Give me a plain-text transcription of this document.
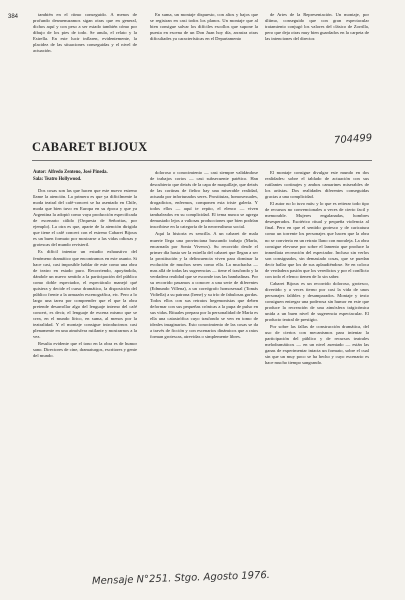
384	también en el ritmo conseguido. A menos de profundo desmenuzamos sigan otras que en general, dichos aquí y con peso a ser estado también cómo por dibujo de los pies de todo. Se anula, el relato y la Estrella. En este lucir inflaren, evidentemente, la placidez de las situaciones conseguidas y el nivel de actuación.

En suma, un montaje dispuesto, con altos y bajos que se registran en casi todos los planos. Un montaje que al bien consigue salvar los difíciles escollos que supone la puesta en escena de un Don Juan hoy día, arrastra otras dificultades ya características en el Departamento

de Artes de la Representación. Un montaje, por último, conseguido que con gran espectacular tratamiento conjugó los valores del clásico de Zorrilla, pero que deja otras muy bien guardados en la carpeta de las intenciones del director.

CABARET BIJOUX
704499
Autor: Alfredo Zenteno, José Pineda.
Sala: Teatro Hollywood.

Dos cosas son las que hacen que este nuevo estreno llame la atención. La primera es que ya difícilmente la moda teatral del café-concert se ha asentado en Chile, moda que bien tuvo en Europa en su época y que ya Argentina la adoptó como vaya producción especificada de escenario cálido (Orquesta de Señoritas, por ejemplo). La otra es que, aparte de la atención dirigida que tiene el café concert con el estreno Cabaret Bijoux es un buen formato por mostrarse a las vidas odiosas y grotescas del mundo revisteril.

Es difícil intentar un estudio exhaustivo del fenómeno dramático que encontramos en este asunto. Si hace casi, casi imposible hablar de este como una obra de teatro en estado puro. Recorriendo, apoyándola, dándole un nuevo sentido a la participación del público como doble espectador, el espectáculo manejó qué quisiera y decide el curso dramático, la disposición del público frente a la armazón escenográfica, etc. Pero a lo largo una tarea por comprender que el que la obra pretende desarrollar algo del lenguaje interno del café concert, es decir, el lenguaje de escena mismo que se crea, en el mundo lírico, en suma, al menos por la teatralidad. Y el montaje consigue introducirnos casi plenamente en una atmósfera rutilante y mostrarnos a la vez.

Resulta evidente que el tono en la obra es de humor sano. Directores de cine, dramaturgos, escritores y gente del mundo.

doloroso o conocimiento — casi siempre validándose de trabajos cortos — casi subsecuente patético. Han descubierto que detrás de la capa de maquillaje, que detrás de las cortinas de fieltro hay una miserable realidad, actuada por infortunados seres. Prostitutas, homosexuales, drogadictos, enfermos, componen esta triste galería. Y todos ellos — aquí te repito, el elenco — viven tambaleados en su complicidad. El tema nunca se agrega demasiado lejos a valiosas producciones que bien podrían inscribirse en la categoría de la neorrealismo social.

Aquí la historia es sencilla. A un cabaret de mala muerte llega una provinciana buscando trabajo (María, encarnada por Sonia Viveros). Su recorrido desde el primer día hasta ser la estrella del cabaret que llegan a ser la prostitución y la delincuencia viven para dominar la evolución de muchos seres como ella. La muchacha — mas allá de todas las sugerencias — tiene el trasfondo y la verdadera realidad que se esconde tras las bambalinas. Por su recorrido pasamos a conocer a una serie de diferentes (Edmundo Villena), a un coreógrafo homosexual (Tomás Vidiella) a su patrona (Irene) y su trío de fabulosas gordas. Todos ellos con sus retratos hegemonistas que deben deformar con sus pequeñas crónicas a la pupa de pulso en sus vidas. Rituales prepara por la personalidad de María es ella una catastrófica cuyo trasfondo se ven en tomo de ideales imaginarios. Esto conocimiento de las cosas se da a través de ficción y con escenarios dinámicos que a ratos forman grotescas, atrevidas o simplemente libres.

El montaje consigue divulgar este mundo en dos realidades: sobre el tablado de actuación con sus rutilantes cortinajes y ambos camarines miserables de los artistas. Dos realidades diferentes conseguidas gracias a una complicidad.

El autor no lo tuvo más: y lo que es reiterar todo tipo de recursos no convencionales a veces de cierto facil y memorable. Mujeres engalanadas, hombres desesperados. Esotérico ritual y pequeña violencia al final. Pero en que el sentido grotesco y de caricatura como un torrente los personajes que hacen que la obra no se convierta en un retrato llano con moraleja. La obra consigue elevarse por sobre el lamento que produce la inmediata recreación del espectador. Incluso sin verlos son consignados, sin demasiado cosas, que se puedan decir hallar que los de sus aplaudiéndose. Se en coloca de verdadera pasión que los veredictos y por el conflicto con todo el elenco tienen de lo sin saber.

Cabaret Bijoux es un recorrido doloroso, grotesco, divertido y a veces tierno por casi la vida de unos personajes falibles y desamparados. Montaje y texto consiguen entregar una poderosa sin humor en este que produce la recreación de una atmósfera trágicómica unida a un buen nivel de sugerencia espectacular. El producto teatral de prestigio.

Por sobre las fallas de construcción dramática, del uso de ciertos con mecanismos para intentar la participación del público y de recursos teatrales melodramáticos — en un nivel asentado — están las ganas de experimentar intacta un formato, sobre el cual sin que un muy poco se ha hecho y cuyo escenario es hace mucho tiempo sangrando.

Mensaje N°251. Stgo. Agosto 1976.
